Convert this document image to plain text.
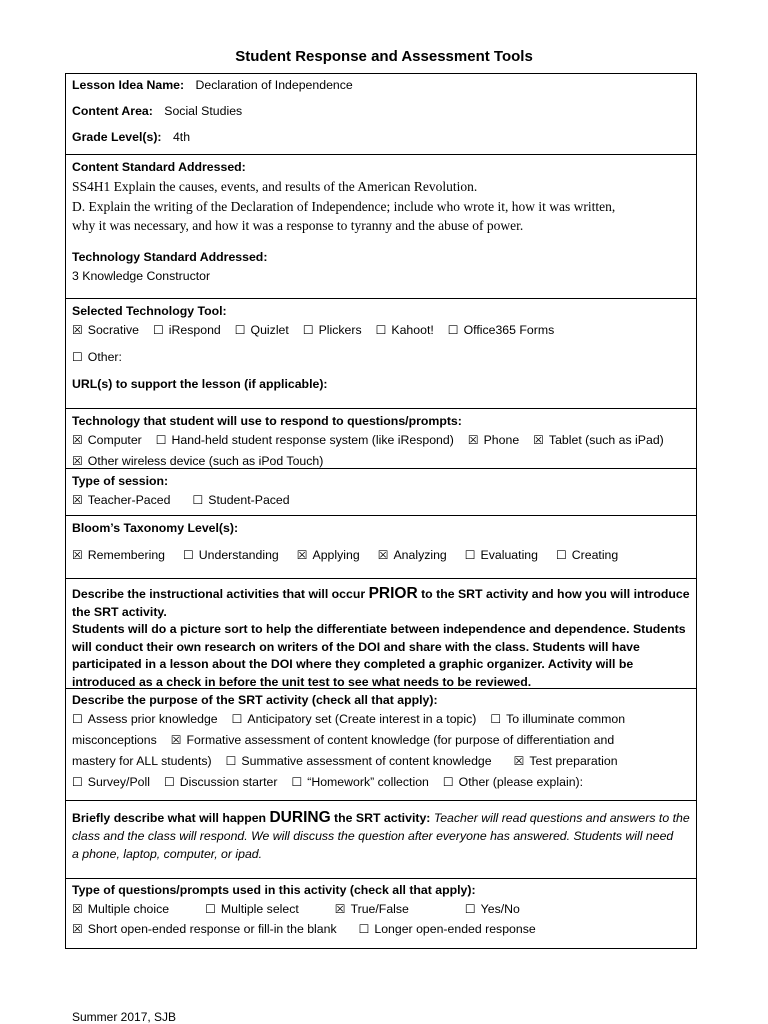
Student Response and Assessment Tools
Lesson Idea Name: Declaration of Independence
Content Area: Social Studies
Grade Level(s): 4th
Content Standard Addressed:
SS4H1 Explain the causes, events, and results of the American Revolution.
D. Explain the writing of the Declaration of Independence; include who wrote it, how it was written,
why it was necessary, and how it was a response to tyranny and the abuse of power.
Technology Standard Addressed:
3 Knowledge Constructor
Selected Technology Tool:
☒ Socrative ☐ iRespond ☐ Quizlet ☐ Plickers ☐ Kahoot! ☐ Office365 Forms
☐ Other:
URL(s) to support the lesson (if applicable):
Technology that student will use to respond to questions/prompts:
☒ Computer ☐ Hand-held student response system (like iRespond) ☒ Phone ☒ Tablet (such as iPad)
☒ Other wireless device (such as iPod Touch)
Type of session:
☒ Teacher-Paced ☐ Student-Paced
Bloom’s Taxonomy Level(s):
☒ Remembering ☐ Understanding ☒ Applying ☒ Analyzing ☐ Evaluating ☐ Creating
Describe the instructional activities that will occur PRIOR to the SRT activity and how you will introduce
the SRT activity.
Students will do a picture sort to help the differentiate between independence and dependence. Students
will conduct their own research on writers of the DOI and share with the class. Students will have
participated in a lesson about the DOI where they completed a graphic organizer. Activity will be
introduced as a check in before the unit test to see what needs to be reviewed.
Describe the purpose of the SRT activity (check all that apply):
☐ Assess prior knowledge ☐ Anticipatory set (Create interest in a topic) ☐ To illuminate common
misconceptions ☒ Formative assessment of content knowledge (for purpose of differentiation and
mastery for ALL students) ☐ Summative assessment of content knowledge ☒ Test preparation
☐ Survey/Poll ☐ Discussion starter ☐ “Homework” collection ☐ Other (please explain):
Briefly describe what will happen DURING the SRT activity: Teacher will read questions and answers to the
class and the class will respond. We will discuss the question after everyone has answered. Students will need
a phone, laptop, computer, or ipad.
Type of questions/prompts used in this activity (check all that apply):
☒ Multiple choice	☐ Multiple select	☒ True/False	☐ Yes/No
☒ Short open-ended response or fill-in the blank ☐ Longer open-ended response
Summer 2017, SJB
